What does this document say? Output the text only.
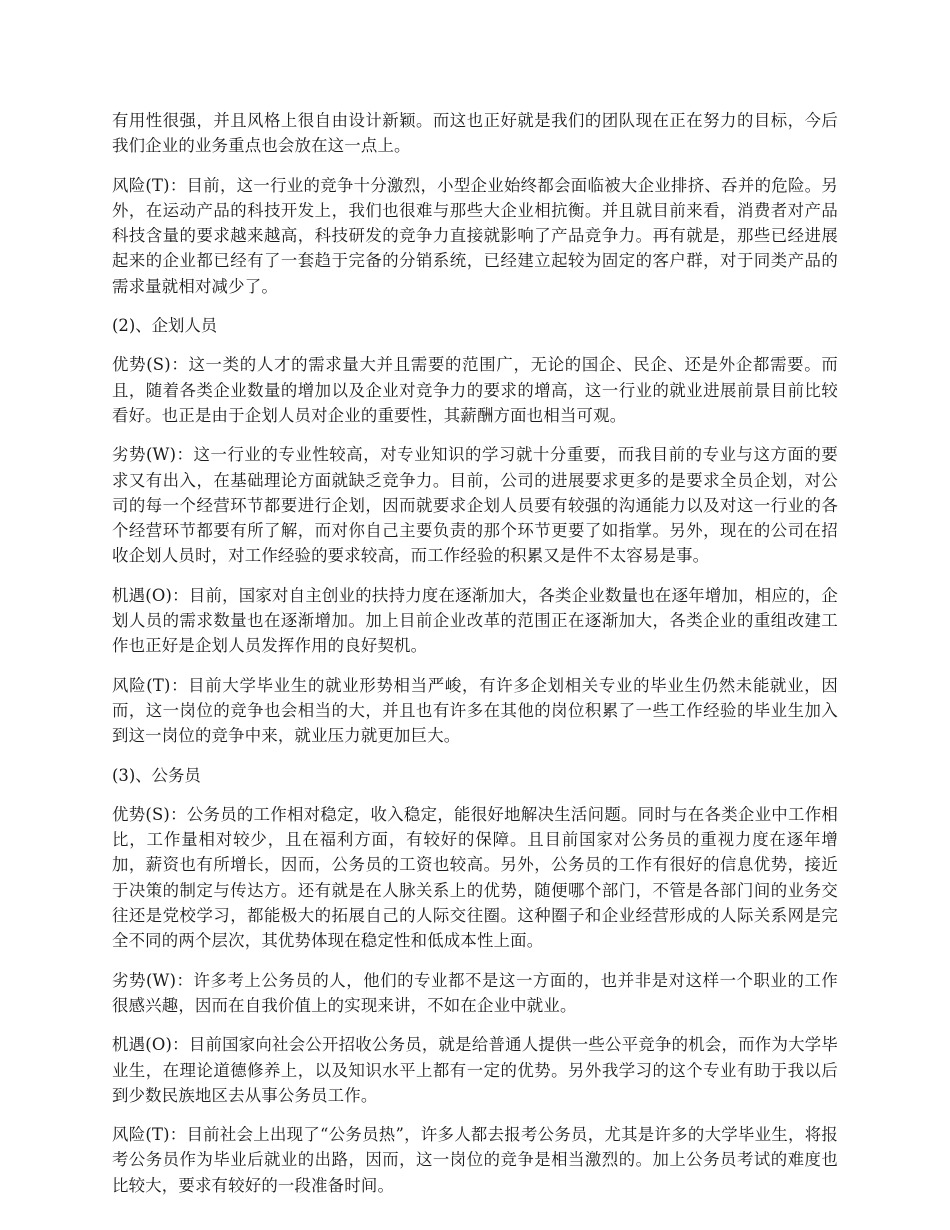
有用性很强，并且风格上很自由设计新颖。而这也正好就是我们的团队现在正在努力的目标，今后我们企业的业务重点也会放在这一点上。

风险(T)：目前，这一行业的竞争十分激烈，小型企业始终都会面临被大企业排挤、吞并的危险。另外，在运动产品的科技开发上，我们也很难与那些大企业相抗衡。并且就目前来看，消费者对产品科技含量的要求越来越高，科技研发的竞争力直接就影响了产品竞争力。再有就是，那些已经进展起来的企业都已经有了一套趋于完备的分销系统，已经建立起较为固定的客户群，对于同类产品的需求量就相对减少了。

(2)、企划人员

优势(S)：这一类的人才的需求量大并且需要的范围广，无论的国企、民企、还是外企都需要。而且，随着各类企业数量的增加以及企业对竞争力的要求的增高，这一行业的就业进展前景目前比较看好。也正是由于企划人员对企业的重要性，其薪酬方面也相当可观。

劣势(W)：这一行业的专业性较高，对专业知识的学习就十分重要，而我目前的专业与这方面的要求又有出入，在基础理论方面就缺乏竞争力。目前，公司的进展要求更多的是要求全员企划，对公司的每一个经营环节都要进行企划，因而就要求企划人员要有较强的沟通能力以及对这一行业的各个经营环节都要有所了解，而对你自己主要负责的那个环节更要了如指掌。另外，现在的公司在招收企划人员时，对工作经验的要求较高，而工作经验的积累又是件不太容易是事。

机遇(O)：目前，国家对自主创业的扶持力度在逐渐加大，各类企业数量也在逐年增加，相应的，企划人员的需求数量也在逐渐增加。加上目前企业改革的范围正在逐渐加大，各类企业的重组改建工作也正好是企划人员发挥作用的良好契机。

风险(T)：目前大学毕业生的就业形势相当严峻，有许多企划相关专业的毕业生仍然未能就业，因而，这一岗位的竞争也会相当的大，并且也有许多在其他的岗位积累了一些工作经验的毕业生加入到这一岗位的竞争中来，就业压力就更加巨大。

(3)、公务员

优势(S)：公务员的工作相对稳定，收入稳定，能很好地解决生活问题。同时与在各类企业中工作相比，工作量相对较少，且在福利方面，有较好的保障。且目前国家对公务员的重视力度在逐年增加，薪资也有所增长，因而，公务员的工资也较高。另外，公务员的工作有很好的信息优势，接近于决策的制定与传达方。还有就是在人脉关系上的优势，随便哪个部门，不管是各部门间的业务交往还是党校学习，都能极大的拓展自己的人际交往圈。这种圈子和企业经营形成的人际关系网是完全不同的两个层次，其优势体现在稳定性和低成本性上面。

劣势(W)：许多考上公务员的人，他们的专业都不是这一方面的，也并非是对这样一个职业的工作很感兴趣，因而在自我价值上的实现来讲，不如在企业中就业。

机遇(O)：目前国家向社会公开招收公务员，就是给普通人提供一些公平竞争的机会，而作为大学毕业生，在理论道德修养上，以及知识水平上都有一定的优势。另外我学习的这个专业有助于我以后到少数民族地区去从事公务员工作。

风险(T)：目前社会上出现了“公务员热”，许多人都去报考公务员，尤其是许多的大学毕业生，将报考公务员作为毕业后就业的出路，因而，这一岗位的竞争是相当激烈的。加上公务员考试的难度也比较大，要求有较好的一段准备时间。
